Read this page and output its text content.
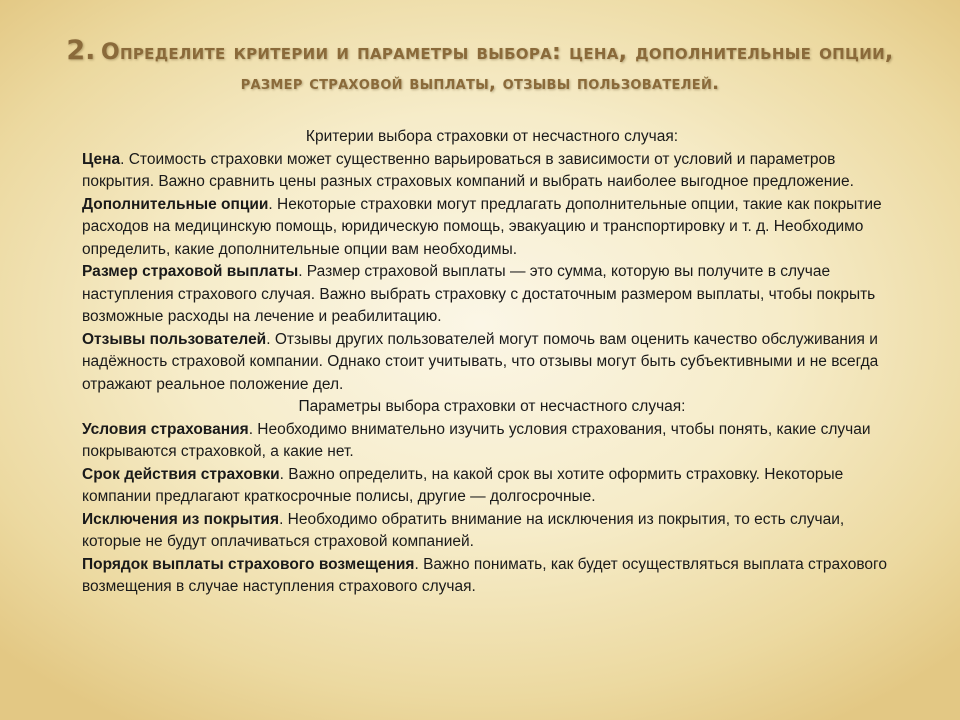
2. Определите критерии и параметры выбора: цена, дополнительные опции,
размер страховой выплаты, отзывы пользователей.

Критерии выбора страховки от несчастного случая:

Цена. Стоимость страховки может существенно варьироваться в зависимости от условий и параметров покрытия. Важно сравнить цены разных страховых компаний и выбрать наиболее выгодное предложение.

Дополнительные опции. Некоторые страховки могут предлагать дополнительные опции, такие как покрытие расходов на медицинскую помощь, юридическую помощь, эвакуацию и транспортировку и т. д. Необходимо определить, какие дополнительные опции вам необходимы.

Размер страховой выплаты. Размер страховой выплаты — это сумма, которую вы получите в случае наступления страхового случая. Важно выбрать страховку с достаточным размером выплаты, чтобы покрыть возможные расходы на лечение и реабилитацию.

Отзывы пользователей. Отзывы других пользователей могут помочь вам оценить качество обслуживания и надёжность страховой компании. Однако стоит учитывать, что отзывы могут быть субъективными и не всегда отражают реальное положение дел.

Параметры выбора страховки от несчастного случая:

Условия страхования. Необходимо внимательно изучить условия страхования, чтобы понять, какие случаи покрываются страховкой, а какие нет.

Срок действия страховки. Важно определить, на какой срок вы хотите оформить страховку. Некоторые компании предлагают краткосрочные полисы, другие — долгосрочные.

Исключения из покрытия. Необходимо обратить внимание на исключения из покрытия, то есть случаи, которые не будут оплачиваться страховой компанией.

Порядок выплаты страхового возмещения. Важно понимать, как будет осуществляться выплата страхового возмещения в случае наступления страхового случая.
